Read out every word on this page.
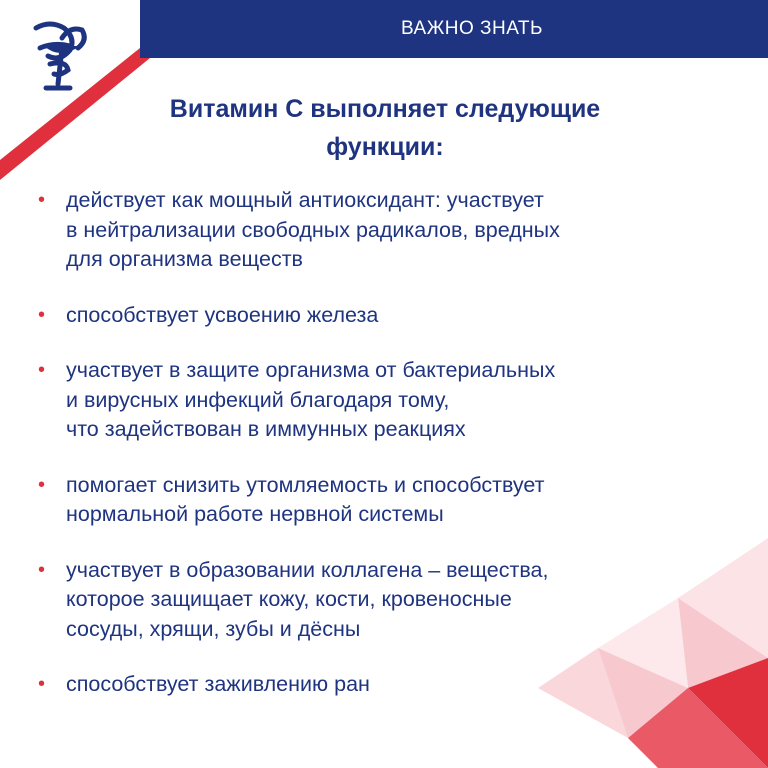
ВАЖНО ЗНАТЬ
Витамин С выполняет следующие
функции:
• действует как мощный антиоксидант: участвует
в нейтрализации свободных радикалов, вредных
для организма веществ
• способствует усвоению железа
• участвует в защите организма от бактериальных
и вирусных инфекций благодаря тому,
что задействован в иммунных реакциях
• помогает снизить утомляемость и способствует
нормальной работе нервной системы
• участвует в образовании коллагена – вещества,
которое защищает кожу, кости, кровеносные
сосуды, хрящи, зубы и дёсны
• способствует заживлению ран
